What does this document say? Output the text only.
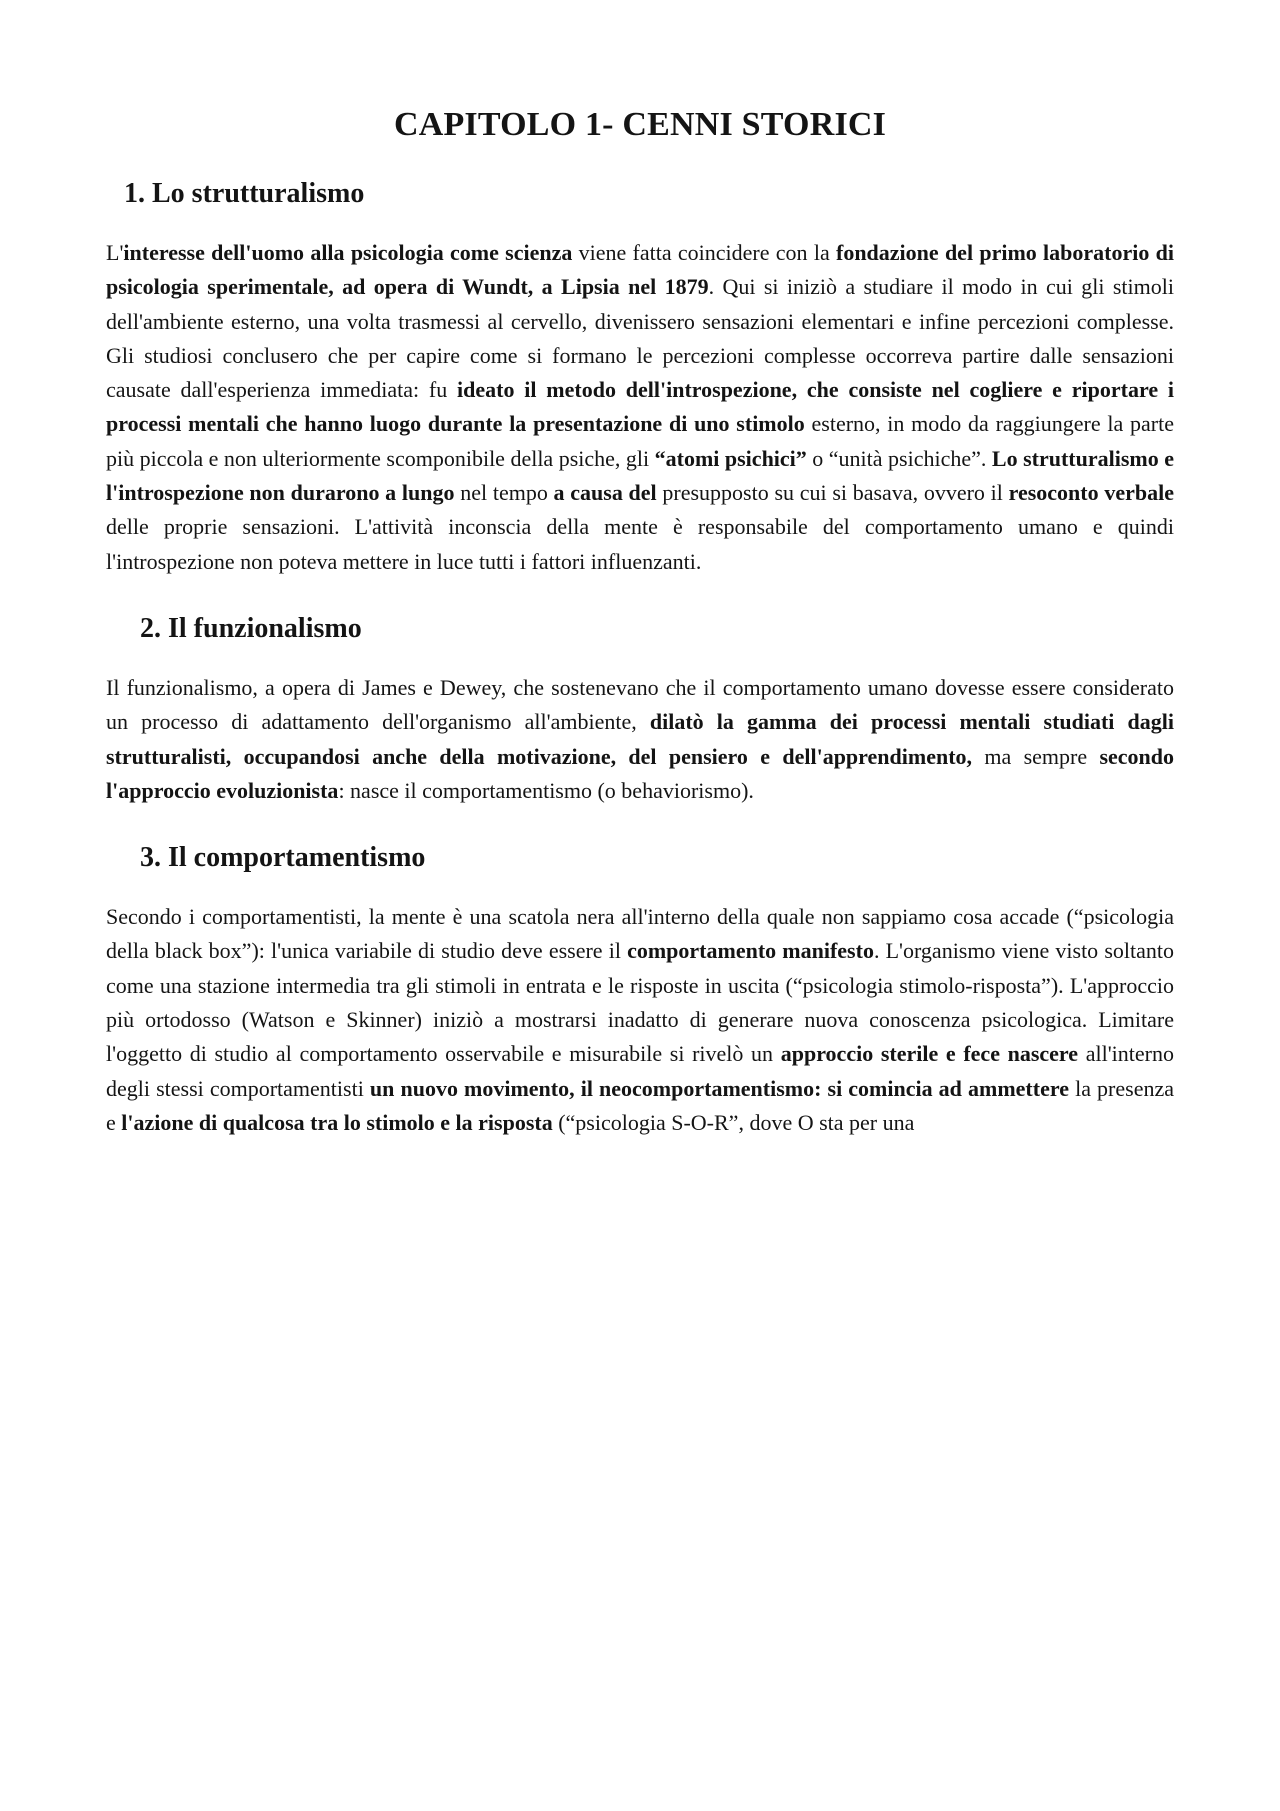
CAPITOLO 1- CENNI STORICI
1. Lo strutturalismo

L'interesse dell'uomo alla psicologia come scienza viene fatta coincidere con la fondazione del primo laboratorio di psicologia sperimentale, ad opera di Wundt, a Lipsia nel 1879. Qui si iniziò a studiare il modo in cui gli stimoli dell'ambiente esterno, una volta trasmessi al cervello, divenissero sensazioni elementari e infine percezioni complesse. Gli studiosi conclusero che per capire come si formano le percezioni complesse occorreva partire dalle sensazioni causate dall'esperienza immediata: fu ideato il metodo dell'introspezione, che consiste nel cogliere e riportare i processi mentali che hanno luogo durante la presentazione di uno stimolo esterno, in modo da raggiungere la parte più piccola e non ulteriormente scomponibile della psiche, gli “atomi psichici” o “unità psichiche”. Lo strutturalismo e l'introspezione non durarono a lungo nel tempo a causa del presupposto su cui si basava, ovvero il resoconto verbale delle proprie sensazioni. L'attività inconscia della mente è responsabile del comportamento umano e quindi l'introspezione non poteva mettere in luce tutti i fattori influenzanti.

2. Il funzionalismo

Il funzionalismo, a opera di James e Dewey, che sostenevano che il comportamento umano dovesse essere considerato un processo di adattamento dell'organismo all'ambiente, dilatò la gamma dei processi mentali studiati dagli strutturalisti, occupandosi anche della motivazione, del pensiero e dell'apprendimento, ma sempre secondo l'approccio evoluzionista: nasce il comportamentismo (o behaviorismo).

3. Il comportamentismo

Secondo i comportamentisti, la mente è una scatola nera all'interno della quale non sappiamo cosa accade (“psicologia della black box”): l'unica variabile di studio deve essere il comportamento manifesto. L'organismo viene visto soltanto come una stazione intermedia tra gli stimoli in entrata e le risposte in uscita (“psicologia stimolo-risposta”). L'approccio più ortodosso (Watson e Skinner) iniziò a mostrarsi inadatto di generare nuova conoscenza psicologica. Limitare l'oggetto di studio al comportamento osservabile e misurabile si rivelò un approccio sterile e fece nascere all'interno degli stessi comportamentisti un nuovo movimento, il neocomportamentismo: si comincia ad ammettere la presenza e l'azione di qualcosa tra lo stimolo e la risposta (“psicologia S-O-R”, dove O sta per una
